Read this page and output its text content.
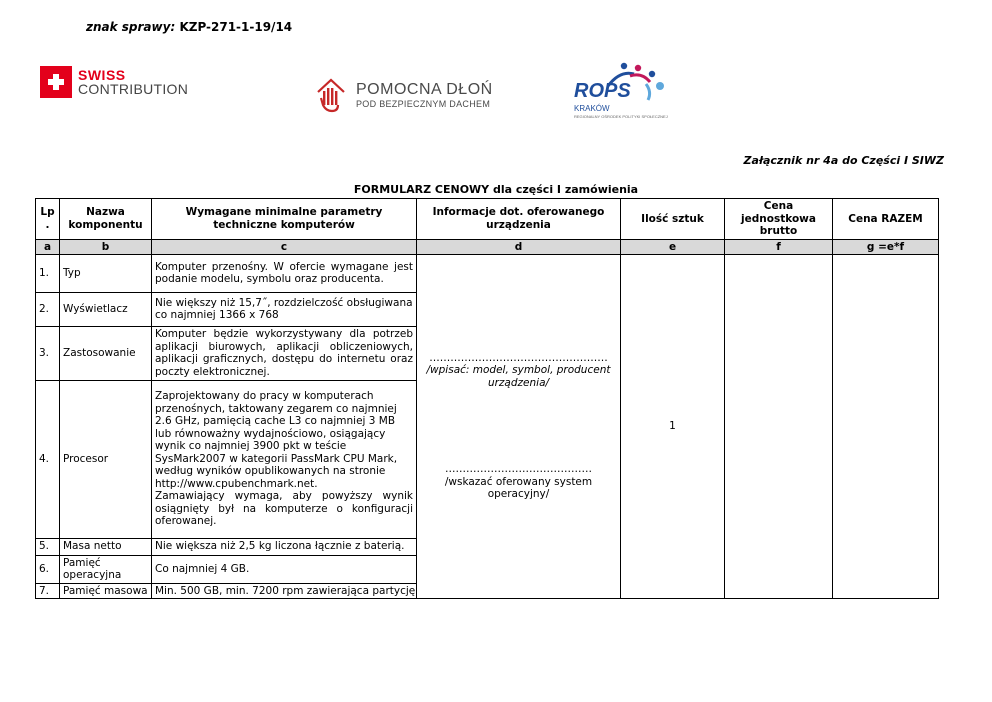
znak sprawy: KZP-271-1-19/14
SWISS
CONTRIBUTION	POMOCNA DŁOŃ
POD BEZPIECZNYM DACHEM
ROPS
KRAKÓW
REGIONALNY OŚRODEK POLITYKI SPOŁECZNEJ
Załącznik nr 4a do Części I SIWZ
FORMULARZ CENOWY dla części I zamówienia
Lp .	Nazwa komponentu	Wymagane minimalne parametry techniczne komputerów	Informacje dot. oferowanego urządzenia	Ilość sztuk	Cena jednostkowa brutto	Cena RAZEM
a	b	c	d	e	f	g =e*f
1.	Typ	Komputer przenośny. W ofercie wymagane jest podanie modelu, symbolu oraz producenta.	……………………………………………
/wpisać: model, symbol, producent urządzenia/
……………………………………
/wskazać oferowany system operacyjny/	1		
2.	Wyświetlacz	Nie większy niż 15,7˝, rozdzielczość obsługiwana co najmniej 1366 x 768				
3.	Zastosowanie	Komputer będzie wykorzystywany dla potrzeb aplikacji biurowych, aplikacji obliczeniowych, aplikacji graficznych, dostępu do internetu oraz poczty elektronicznej.				
4.	Procesor	Zaprojektowany do pracy w komputerach przenośnych, taktowany zegarem co najmniej 2.6 GHz, pamięcią cache L3 co najmniej 3 MB lub równoważny wydajnościowo, osiągający wynik co najmniej 3900 pkt w teście SysMark2007 w kategorii PassMark CPU Mark, według wyników opublikowanych na stronie http://www.cpubenchmark.net.
Zamawiający wymaga, aby powyższy wynik osiągnięty był na komputerze o konfiguracji oferowanej.				

5.	Masa netto	Nie większa niż 2,5 kg liczona łącznie z baterią.				
6.	Pamięć operacyjna	Co najmniej 4 GB.				
7.	Pamięć masowa	Min. 500 GB, min. 7200 rpm zawierająca partycję				
